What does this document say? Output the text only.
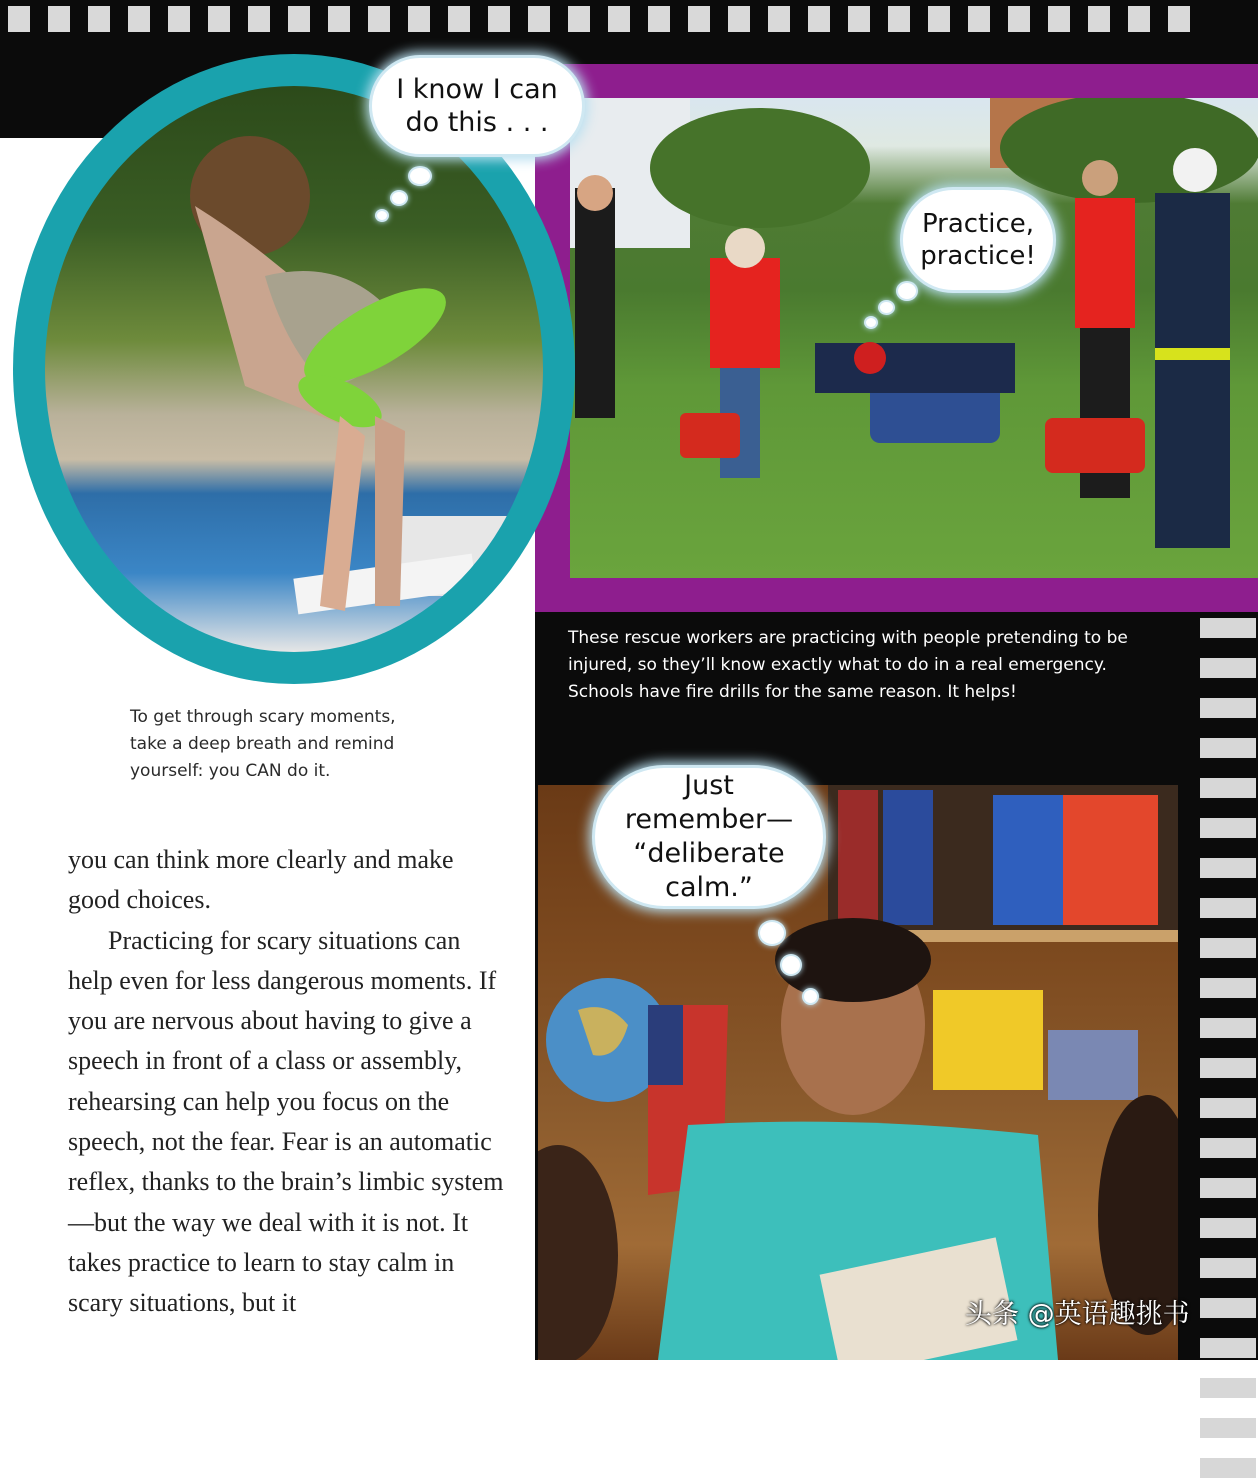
I know I can do this . . .
Practice, practice!
Just remember— “deliberate calm.”
To get through scary moments, take a deep breath and remind yourself: you CAN do it.
These rescue workers are practicing with people pretending to be injured, so they’ll know exactly what to do in a real emergency. Schools have fire drills for the same reason. It helps!

you can think more clearly and make good choices.

Practicing for scary situations can help even for less dangerous moments. If you are nervous about having to give a speech in front of a class or assembly, rehearsing can help you focus on the speech, not the fear. Fear is an automatic reflex, thanks to the brain’s limbic system—but the way we deal with it is not. It takes practice to learn to stay calm in scary situations, but it	头条 @英语趣挑书
